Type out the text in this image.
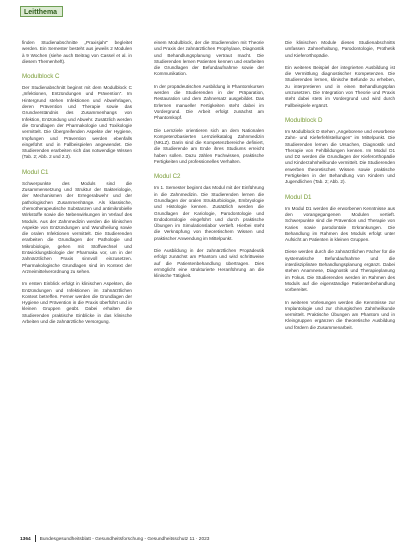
Leitthema

finden Studienabschnitte „Praxisjahr“ begleitet werden. Ein Semester besteht aus jeweils 2 Modulen à 9 Wochen (siehe auch Beitrag von Cassel et al. in diesem Themenheft).

Modulblock C

Der Studienabschnitt beginnt mit dem Modulblock C „Infektionen, Entzündungen und Prävention“. Im Hintergrund stehen Infektionen und Abwehrlagen, deren Prävention und Therapie sowie das Grundverständnis des Zusammenhangs von Infektion, Entzündung und Abwehr. Zusätzlich werden die Grundlagen der Pharmakologie und Toxikologie vermittelt. Die Übergreifenden Aspekte der Hygiene, Impfungen und Prävention werden ebenfalls eingeführt und in Fallbeispielen angewendet. Die Studierenden erarbeiten sich das notwendige Wissen (Tab. 2; Abb. 2 und 2.3).

Modul C1

Schwerpunkte des Moduls sind die Zusammensetzung und Struktur der Bakteriologie, der Mechanismen der Erregerabwehr und der pathologischen Zusammenhänge. Als klassische, chemotherapeutische Substanzen und antimikrobielle Wirkstoffe sowie die Nebenwirkungen im Verlauf des Moduls. Aus der Zahnmedizin werden die klinischen Aspekte von Entzündungen und Wundheilung sowie die oralen Infektionen vermittelt. Die Studierenden erarbeiten die Grundlagen der Pathologie und Mikrobiologie, gehen mit Stoffwechsel und Entwicklungsbiologie der Pharmaka vor, um in der zahnärztlichen Praxis sinnvoll einzusetzen. Pharmakologische Grundlagen sind im Kontext der Arzneimittelverordnung zu sehen.

Im ersten Einblick erfolgt in klinischen Aspekten, die Entzündungen und Infektionen im zahnärztlichen Kontext betreffen. Ferner werden die Grundlagen der Hygiene und Prävention in die Praxis überführt und in kleinen Gruppen geübt. Dabei erhalten die Studierenden praktische Einblicke in das klinische Arbeiten und die zahnärztliche Versorgung.

einem Modulblock, der die Studierenden mit Theorie und Praxis der zahnärztlichen Prophylaxe, Diagnostik und Behandlungsplanung vertraut macht. Die Studierenden lernen Patienten kennen und erarbeiten die Grundlagen der Befundaufnahme sowie der Kommunikation.

In der propädeutischen Ausbildung in Phantomkursen werden die Studierenden in der Präparation, Restauration und dem Zahnersatz ausgebildet. Das Erlernen manueller Fertigkeiten steht dabei im Vordergrund. Die Arbeit erfolgt zunächst am Phantomkopf.

Die Lernziele orientieren sich an dem Nationalen Kompetenzbasierten Lernzielkatalog Zahnmedizin (NKLZ). Darin sind die Kompetenzbereiche definiert, die Studierende am Ende ihres Studiums erreicht haben sollen. Dazu zählen Fachwissen, praktische Fertigkeiten und professionelles Verhalten.

Modul C2

Im 1. Semester beginnt das Modul mit der Einführung in die Zahnmedizin. Die Studierenden lernen die Grundlagen der oralen Strukturbiologie, Embryologie und Histologie kennen. Zusätzlich werden die Grundlagen der Kariologie, Parodontologie und Endodontologie eingeführt und durch praktische Übungen im Simulationslabor vertieft. Hierbei steht die Verknüpfung von theoretischem Wissen und praktischer Anwendung im Mittelpunkt.

Die Ausbildung in der zahnärztlichen Propädeutik erfolgt zunächst am Phantom und wird schrittweise auf die Patientenbehandlung übertragen. Dies ermöglicht eine strukturierte Heranführung an die klinische Tätigkeit.

Die klinischen Module dieses Studienabschnitts umfassen Zahnerhaltung, Parodontologie, Prothetik und Kieferorthopädie.

Ein weiteres Beispiel der integrierten Ausbildung ist die Vermittlung diagnostischer Kompetenzen. Die Studierenden lernen, klinische Befunde zu erheben, zu interpretieren und in einen Behandlungsplan umzusetzen. Die Integration von Theorie und Praxis steht dabei stets im Vordergrund und wird durch Fallbeispiele ergänzt.

Modulblock D

Im Modulblock D stehen „Angeborene und erworbene Zahn- und Kieferfehlstellungen“ im Mittelpunkt. Die Studierenden lernen die Ursachen, Diagnostik und Therapie von Fehlbildungen kennen. Im Modul D1 und D2 werden die Grundlagen der Kieferorthopädie und Kinderzahnheilkunde vermittelt. Die Studierenden erwerben theoretisches Wissen sowie praktische Fertigkeiten in der Behandlung von Kindern und Jugendlichen (Tab. 2; Abb. 2).

Modul D1

Im Modul D1 werden die erworbenen Kenntnisse aus den vorangegangenen Modulen vertieft. Schwerpunkte sind die Prävention und Therapie von Karies sowie parodontale Erkrankungen. Die Behandlung im Rahmen des Moduls erfolgt unter Aufsicht an Patienten in kleinen Gruppen.

Diese werden durch die zahnärztlichen Fächer für die systematische Befundaufnahme und die interdisziplinäre Behandlungsplanung ergänzt. Dabei stehen Anamnese, Diagnostik und Therapieplanung im Fokus. Die Studierenden werden im Rahmen des Moduls auf die eigenständige Patientenbehandlung vorbereitet.

In weiteren Vorlesungen werden die Kenntnisse zur Implantologie und zur chirurgischen Zahnheilkunde vermittelt. Praktische Übungen am Phantom und in Kleingruppen ergänzen die theoretische Ausbildung und fördern die Zusammenarbeit.

1364 Bundesgesundheitsblatt - Gesundheitsforschung - Gesundheitsschutz 11 · 2023
